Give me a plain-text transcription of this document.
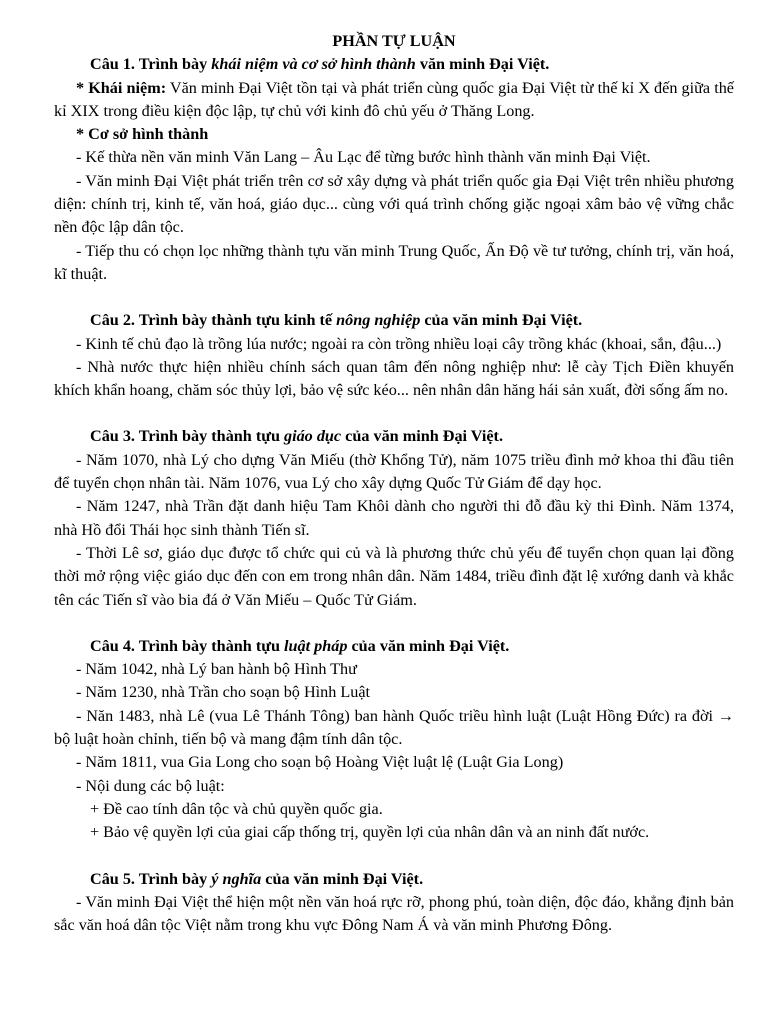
PHẦN TỰ LUẬN

Câu 1. Trình bày khái niệm và cơ sở hình thành văn minh Đại Việt.

* Khái niệm: Văn minh Đại Việt tồn tại và phát triển cùng quốc gia Đại Việt từ thế kỉ X đến giữa thế kỉ XIX trong điều kiện độc lập, tự chủ với kinh đô chủ yếu ở Thăng Long.

* Cơ sở hình thành

- Kế thừa nền văn minh Văn Lang – Âu Lạc để từng bước hình thành văn minh Đại Việt.

- Văn minh Đại Việt phát triển trên cơ sở xây dựng và phát triển quốc gia Đại Việt trên nhiều phương diện: chính trị, kinh tế, văn hoá, giáo dục... cùng với quá trình chống giặc ngoại xâm bảo vệ vững chắc nền độc lập dân tộc.

- Tiếp thu có chọn lọc những thành tựu văn minh Trung Quốc, Ấn Độ về tư tưởng, chính trị, văn hoá, kĩ thuật.

Câu 2. Trình bày thành tựu kinh tế nông nghiệp của văn minh Đại Việt.

- Kinh tế chủ đạo là trồng lúa nước; ngoài ra còn trồng nhiều loại cây trồng khác (khoai, sắn, đậu...)

- Nhà nước thực hiện nhiều chính sách quan tâm đến nông nghiệp như: lễ cày Tịch Điền khuyến khích khẩn hoang, chăm sóc thủy lợi, bảo vệ sức kéo... nên nhân dân hăng hái sản xuất, đời sống ấm no.

Câu 3. Trình bày thành tựu giáo dục của văn minh Đại Việt.

- Năm 1070, nhà Lý cho dựng Văn Miếu (thờ Khổng Tử), năm 1075 triều đình mở khoa thi đầu tiên để tuyển chọn nhân tài. Năm 1076, vua Lý cho xây dựng Quốc Tử Giám để dạy học.

- Năm 1247, nhà Trần đặt danh hiệu Tam Khôi dành cho người thi đỗ đầu kỳ thi Đình. Năm 1374, nhà Hồ đổi Thái học sinh thành Tiến sĩ.

- Thời Lê sơ, giáo dục được tổ chức qui củ và là phương thức chủ yếu để tuyển chọn quan lại đồng thời mở rộng việc giáo dục đến con em trong nhân dân. Năm 1484, triều đình đặt lệ xướng danh và khắc tên các Tiến sĩ vào bia đá ở Văn Miếu – Quốc Tử Giám.

Câu 4. Trình bày thành tựu luật pháp của văn minh Đại Việt.

- Năm 1042, nhà Lý ban hành bộ Hình Thư

- Năm 1230, nhà Trần cho soạn bộ Hình Luật

- Năn 1483, nhà Lê (vua Lê Thánh Tông) ban hành Quốc triều hình luật (Luật Hồng Đức) ra đời → bộ luật hoàn chỉnh, tiến bộ và mang đậm tính dân tộc.

- Năm 1811, vua Gia Long cho soạn bộ Hoàng Việt luật lệ (Luật Gia Long)

- Nội dung các bộ luật:

+ Đề cao tính dân tộc và chủ quyền quốc gia.

+ Bảo vệ quyền lợi của giai cấp thống trị, quyền lợi của nhân dân và an ninh đất nước.

Câu 5. Trình bày ý nghĩa của văn minh Đại Việt.

- Văn minh Đại Việt thể hiện một nền văn hoá rực rỡ, phong phú, toàn diện, độc đáo, khẳng định bản sắc văn hoá dân tộc Việt nằm trong khu vực Đông Nam Á và văn minh Phương Đông.
